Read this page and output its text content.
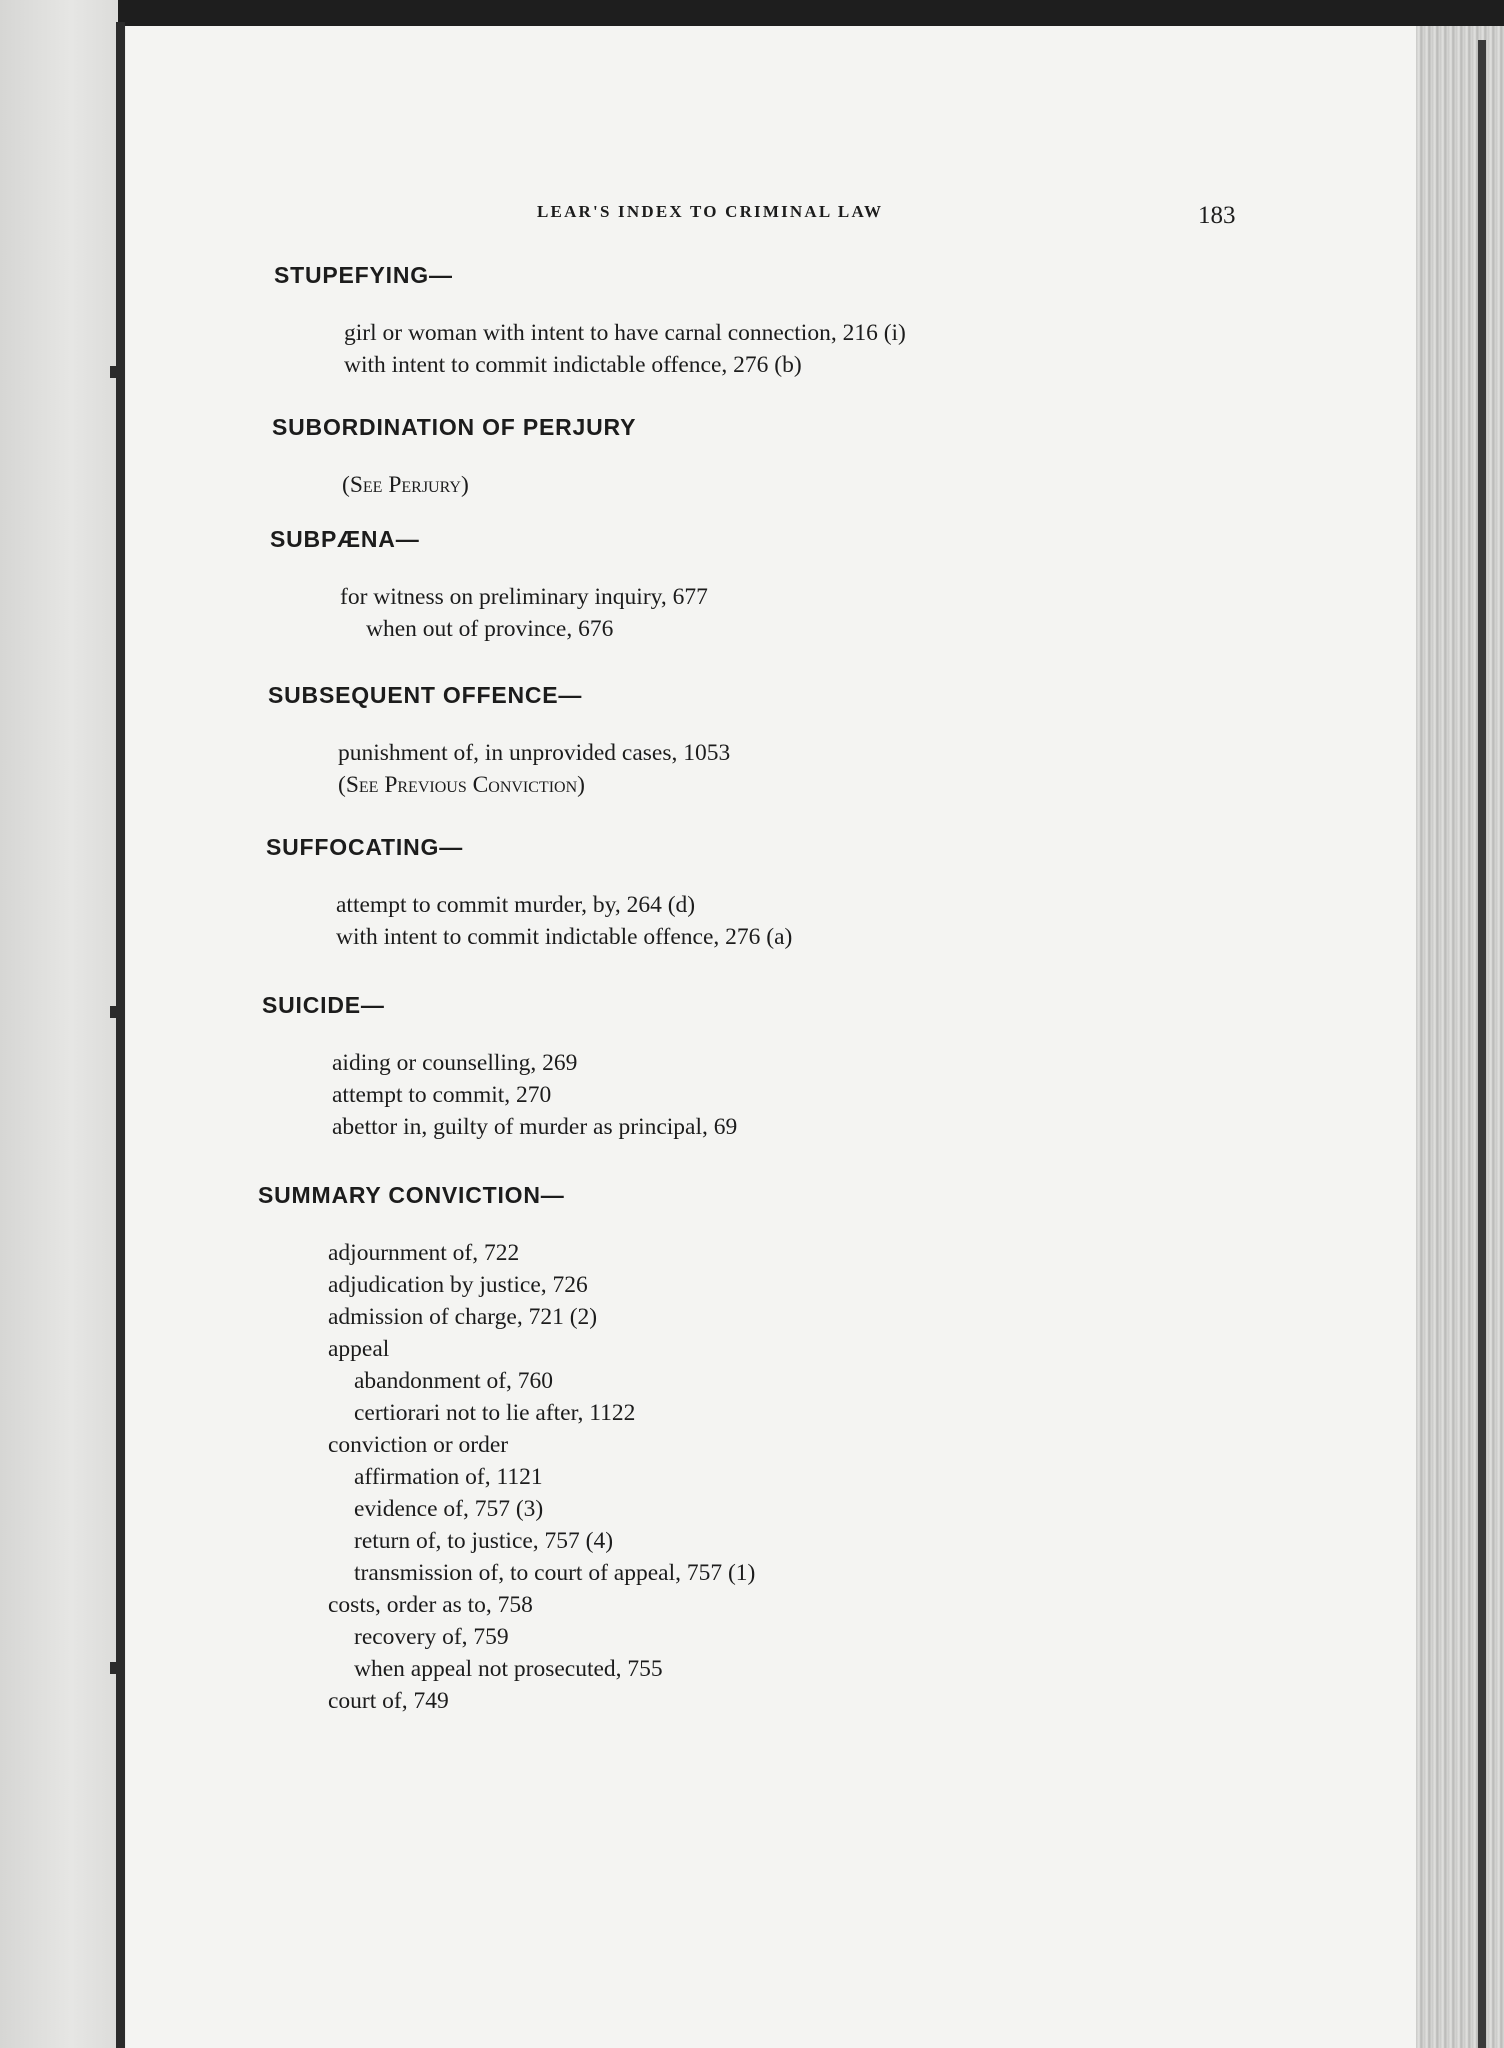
LEAR'S INDEX TO CRIMINAL LAW	183
STUPEFYING—
girl or woman with intent to have carnal connection, 216 (i)
with intent to commit indictable offence, 276 (b)
SUBORDINATION OF PERJURY
(See Perjury)
SUBPÆNA—
for witness on preliminary inquiry, 677
when out of province, 676
SUBSEQUENT OFFENCE—
punishment of, in unprovided cases, 1053
(See Previous Conviction)
SUFFOCATING—
attempt to commit murder, by, 264 (d)
with intent to commit indictable offence, 276 (a)
SUICIDE—
aiding or counselling, 269
attempt to commit, 270
abettor in, guilty of murder as principal, 69
SUMMARY CONVICTION—
adjournment of, 722
adjudication by justice, 726
admission of charge, 721 (2)
appeal
abandonment of, 760
certiorari not to lie after, 1122
conviction or order
affirmation of, 1121
evidence of, 757 (3)
return of, to justice, 757 (4)
transmission of, to court of appeal, 757 (1)
costs, order as to, 758
recovery of, 759
when appeal not prosecuted, 755
court of, 749
